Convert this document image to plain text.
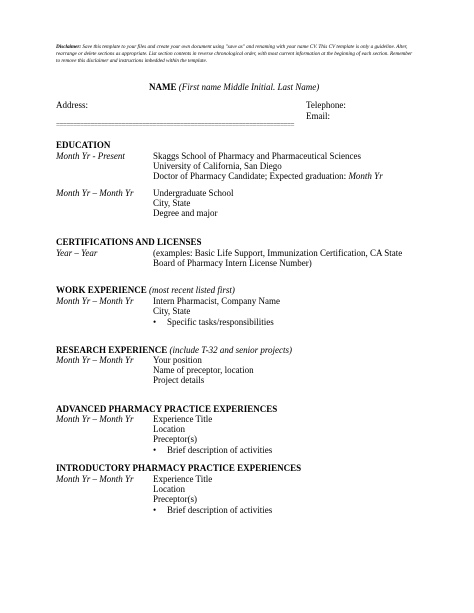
Disclaimer: Save this template to your files and create your own document using "save as" and renaming with your name CV. This CV template is only a guideline. Alter, rearrange or delete sections as appropriate. List section contents in reverse chronological order, with most current information at the beginning of each section. Remember to remove this disclaimer and instructions imbedded within the template.
NAME (First name Middle Initial. Last Name)
Address:	Telephone:
Email:
=====================================================================
EDUCATION
Month Yr - Present	Skaggs School of Pharmacy and Pharmaceutical Sciences
University of California, San Diego
Doctor of Pharmacy Candidate; Expected graduation: Month Yr
Month Yr – Month Yr Undergraduate School
City, State
Degree and major
CERTIFICATIONS AND LICENSES
Year – Year	(examples: Basic Life Support, Immunization Certification, CA State
Board of Pharmacy Intern License Number)
WORK EXPERIENCE (most recent listed first)
Month Yr – Month Yr Intern Pharmacist, Company Name
City, State
• Specific tasks/responsibilities
RESEARCH EXPERIENCE (include T-32 and senior projects)
Month Yr – Month Yr Your position
Name of preceptor, location
Project details
ADVANCED PHARMACY PRACTICE EXPERIENCES
Month Yr – Month Yr Experience Title
Location
Preceptor(s)
• Brief description of activities
INTRODUCTORY PHARMACY PRACTICE EXPERIENCES
Month Yr – Month Yr Experience Title
Location
Preceptor(s)
• Brief description of activities
